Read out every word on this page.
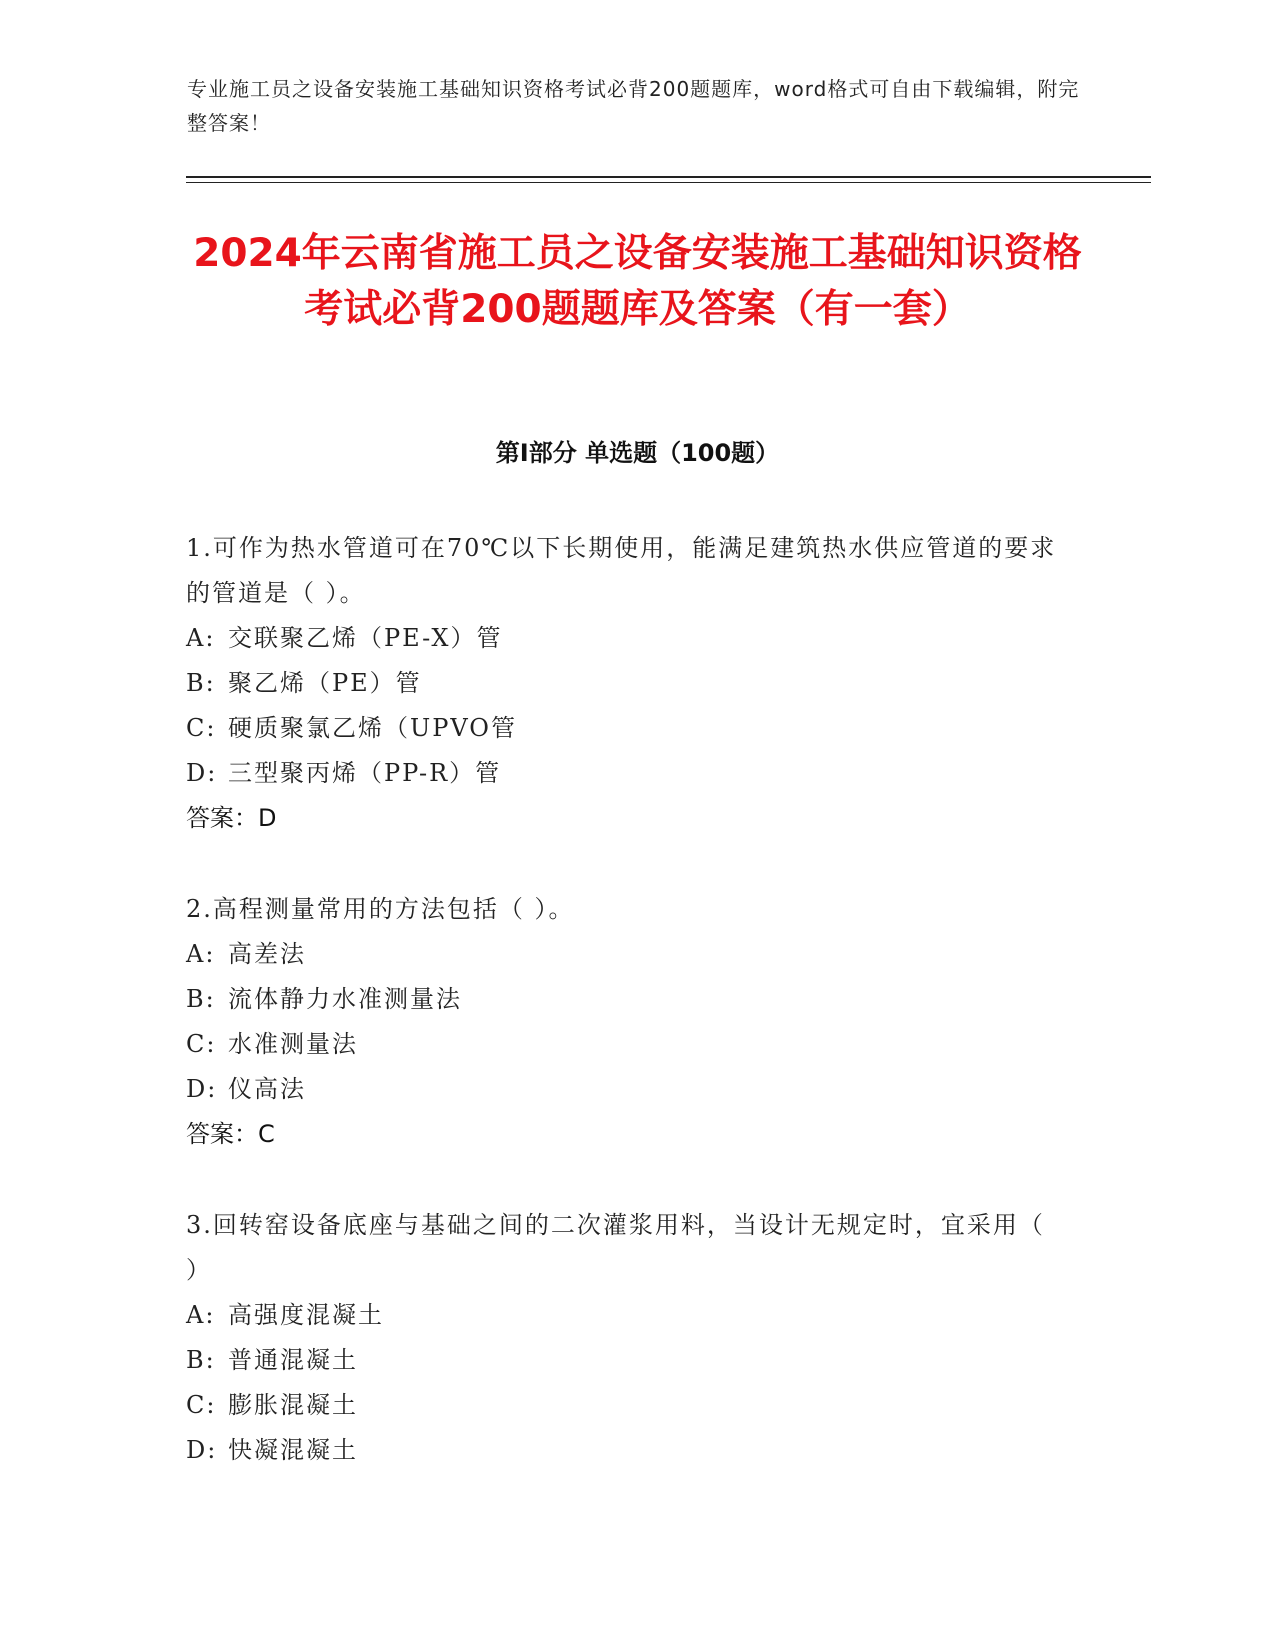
专业施工员之设备安装施工基础知识资格考试必背200题题库，word格式可自由下载编辑，附完整答案！
2024年云南省施工员之设备安装施工基础知识资格考试必背200题题库及答案（有一套）
第Ⅰ部分 单选题（100题）
1.可作为热水管道可在70℃以下长期使用，能满足建筑热水供应管道的要求的管道是（ ）。
A: 交联聚乙烯（PE-X）管
B: 聚乙烯（PE）管
C: 硬质聚氯乙烯（UPVO管
D: 三型聚丙烯（PP-R）管
答案：D
2.高程测量常用的方法包括（ ）。
A: 高差法
B: 流体静力水准测量法
C: 水准测量法
D: 仪高法
答案：C
3.回转窑设备底座与基础之间的二次灌浆用料，当设计无规定时，宜采用（ ）
A: 高强度混凝土
B: 普通混凝土
C: 膨胀混凝土
D: 快凝混凝土
